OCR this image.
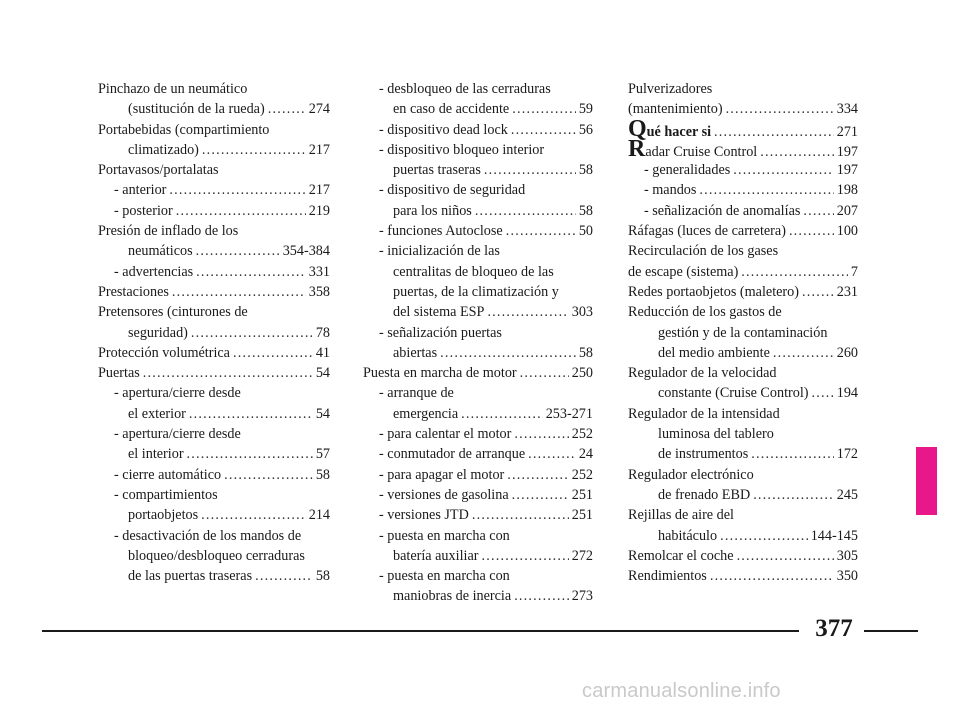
Pinchazo de un neumático
(sustitución de la rueda) .....	274
Portabebidas (compartimiento
climatizado) .....	217
Portavasos/portalatas
- anterior .....	217
- posterior .....	219
Presión de inflado de los
neumáticos .....	354-384
- advertencias .....	331
Prestaciones .....	358
Pretensores (cinturones de
seguridad) .....	78
Protección volumétrica .....	41
Puertas .....	54
- apertura/cierre desde
el exterior .....	54
- apertura/cierre desde
el interior .....	57
- cierre automático .....	58
- compartimientos
portaobjetos .....	214
- desactivación de los mandos de
bloqueo/desbloqueo cerraduras
de las puertas traseras .....	58
- desbloqueo de las cerraduras
en caso de accidente .....	59
- dispositivo dead lock .....	56
- dispositivo bloqueo interior
puertas traseras .....	58
- dispositivo de seguridad
para los niños .....	58
- funciones Autoclose .....	50
- inicialización de las
centralitas de bloqueo de las
puertas, de la climatización y
del sistema ESP .....	303
- señalización puertas
abiertas .....	58
Puesta en marcha de motor .....	250
- arranque de
emergencia .....	253-271
- para calentar el motor .....	252
- conmutador de arranque .....	24
- para apagar el motor .....	252
- versiones de gasolina .....	251
- versiones JTD .....	251
- puesta en marcha con
batería auxiliar .....	272
- puesta en marcha con
maniobras de inercia .....	273
Pulverizadores
(mantenimiento) .....	334
Qué hacer si .....	271
Radar Cruise Control .....	197
- generalidades .....	197
- mandos .....	198
- señalización de anomalías .....	207
Ráfagas (luces de carretera) .....	100
Recirculación de los gases
de escape (sistema) .....	7
Redes portaobjetos (maletero) .....	231
Reducción de los gastos de
gestión y de la contaminación
del medio ambiente .....	260
Regulador de la velocidad
constante (Cruise Control) ..... 194
Regulador de la intensidad
luminosa del tablero
de instrumentos .....	172
Regulador electrónico
de frenado EBD .....	245
Rejillas de aire del
habitáculo .....	144-145
Remolcar el coche .....	305
Rendimientos .....	350
377
carmanualsonline.info
